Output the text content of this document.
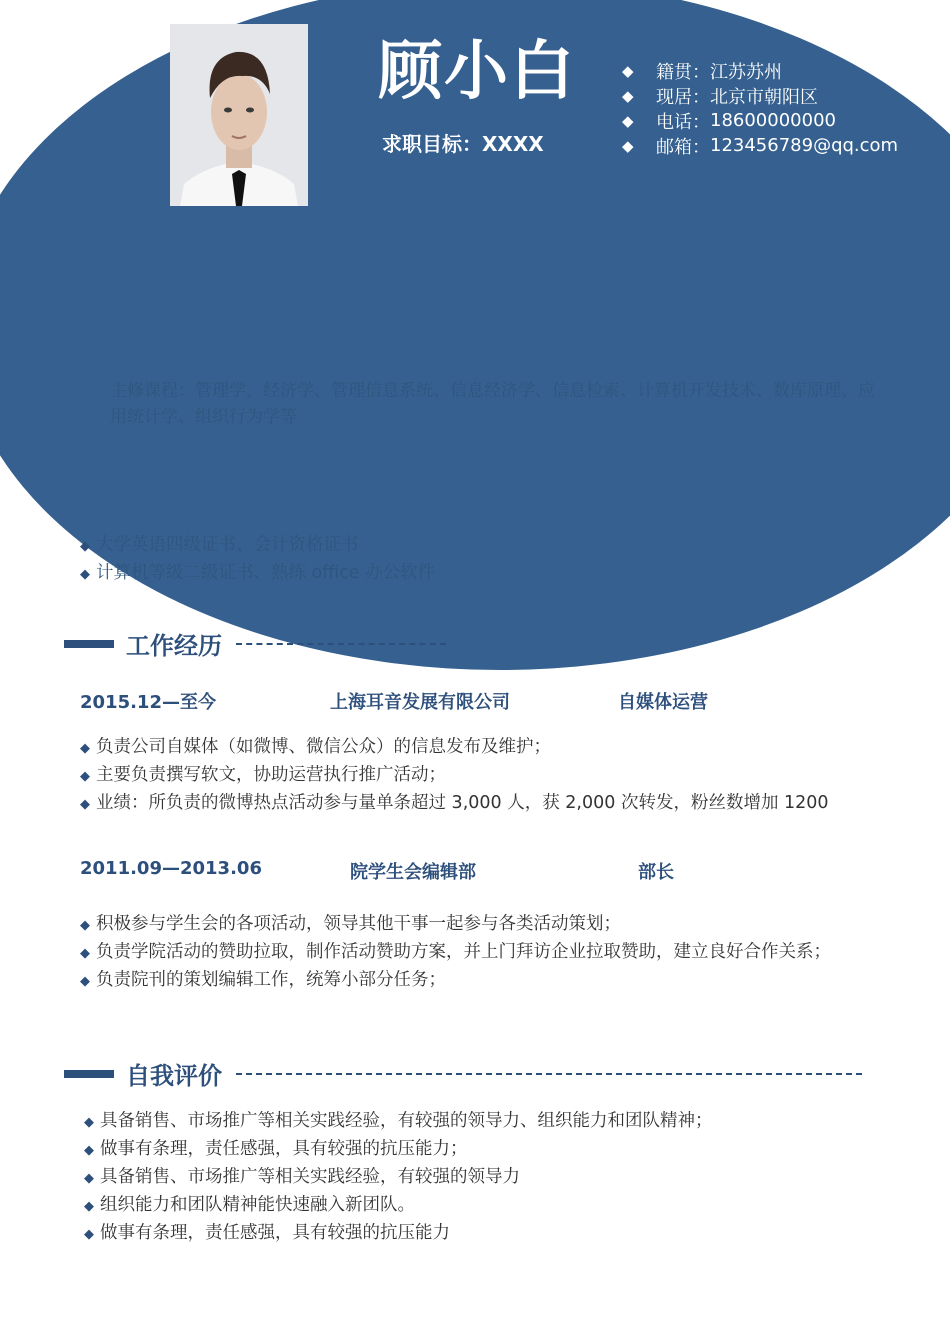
顾小白
求职目标：XXXX
◆	籍贯： 江苏苏州
◆	现居： 北京市朝阳区
◆	电话： 18600000000
◆	邮箱： 123456789@qq.com
主修课程：管理学、经济学、管理信息系统、信息经济学、信息检索、计算机开发技术、数库原理、应用统计学、组织行为学等
◆ 大学英语四级证书、会计资格证书
◆ 计算机等级二级证书、熟练 office 办公软件
工作经历
2015.12—至今	上海耳音发展有限公司	自媒体运营
◆ 负责公司自媒体（如微博、微信公众）的信息发布及维护；
◆ 主要负责撰写软文，协助运营执行推广活动；
◆ 业绩：所负责的微博热点活动参与量单条超过 3,000 人，获 2,000 次转发，粉丝数增加 1200
2011.09—2013.06	院学生会编辑部	部长
◆ 积极参与学生会的各项活动，领导其他干事一起参与各类活动策划；
◆ 负责学院活动的赞助拉取，制作活动赞助方案，并上门拜访企业拉取赞助，建立良好合作关系；
◆ 负责院刊的策划编辑工作，统筹小部分任务；
自我评价
◆ 具备销售、市场推广等相关实践经验，有较强的领导力、组织能力和团队精神；
◆ 做事有条理，责任感强，具有较强的抗压能力；
◆ 具备销售、市场推广等相关实践经验，有较强的领导力
◆ 组织能力和团队精神能快速融入新团队。
◆ 做事有条理，责任感强，具有较强的抗压能力
